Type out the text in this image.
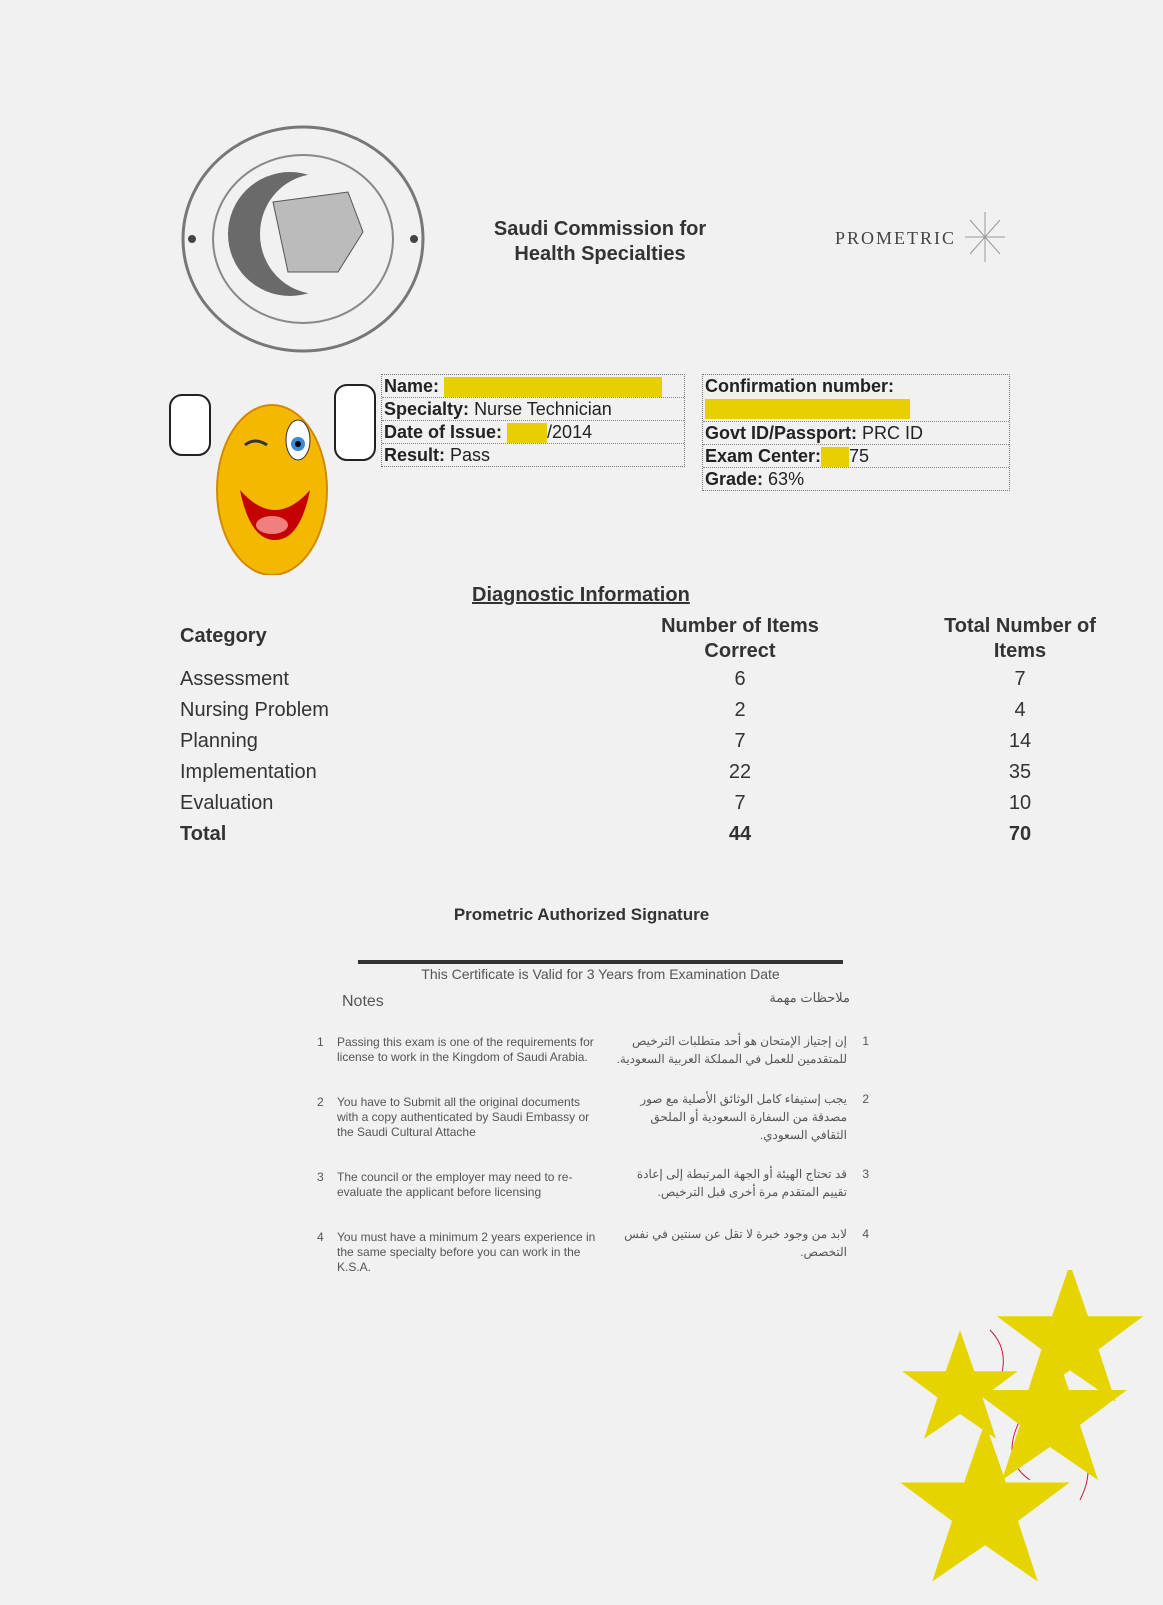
Saudi Commission for Health Specialties
PROMETRIC
Name:
Specialty: Nurse Technician
Date of Issue:	/2014
Result: Pass
Confirmation number:

Govt ID/Passport: PRC ID
Exam Center: 75
Grade: 63%
Diagnostic Information
Category	Number of Items Correct	Total Number of Items
Assessment	6	7
Nursing Problem	2	4
Planning	7	14
Implementation	22	35
Evaluation	7	10
Total	44	70
Prometric Authorized Signature
This Certificate is Valid for 3 Years from Examination Date
Notes	ملاحظات مهمة
1 Passing this exam is one of the requirements for license to work in the Kingdom of Saudi Arabia.
2 You have to Submit all the original documents with a copy authenticated by Saudi Embassy or the Saudi Cultural Attache
3 The council or the employer may need to re-evaluate the applicant before licensing
4 You must have a minimum 2 years experience in the same specialty before you can work in the K.S.A.
1
إن إجتياز الإمتحان هو أحد متطلبات الترخيص للمتقدمين للعمل في المملكة العربية السعودية.
2
يجب إستيفاء كامل الوثائق الأصلية مع صور مصدقة من السفارة السعودية أو الملحق الثقافي السعودي.
3
قد تحتاج الهيئة أو الجهة المرتبطة إلى إعادة تقييم المتقدم مرة أخرى قبل الترخيص.
4
لابد من وجود خبرة لا تقل عن سنتين في نفس التخصص.
